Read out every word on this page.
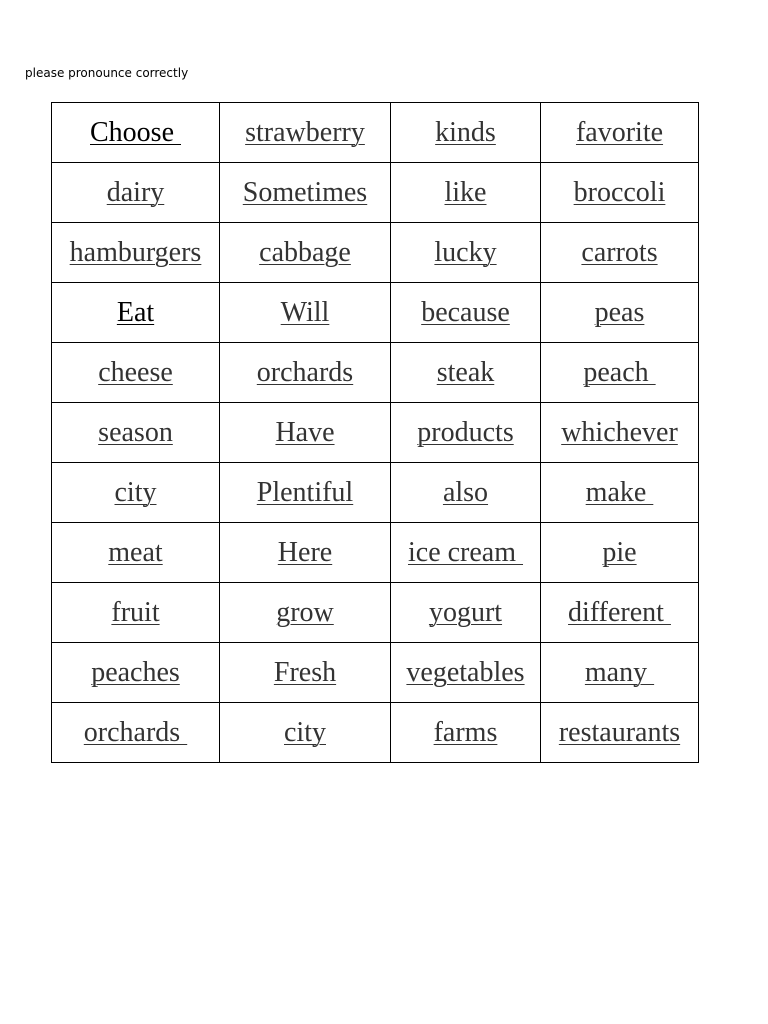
please pronounce correctly
Choose	strawberry	kinds	favorite
dairy	Sometimes	like	broccoli
hamburgers	cabbage	lucky	carrots
Eat	Will	because	peas
cheese	orchards	steak	peach
season	Have	products	whichever
city	Plentiful	also	make
meat	Here	ice cream	pie
fruit	grow	yogurt	different
peaches	Fresh	vegetables	many
orchards	city	farms	restaurants
